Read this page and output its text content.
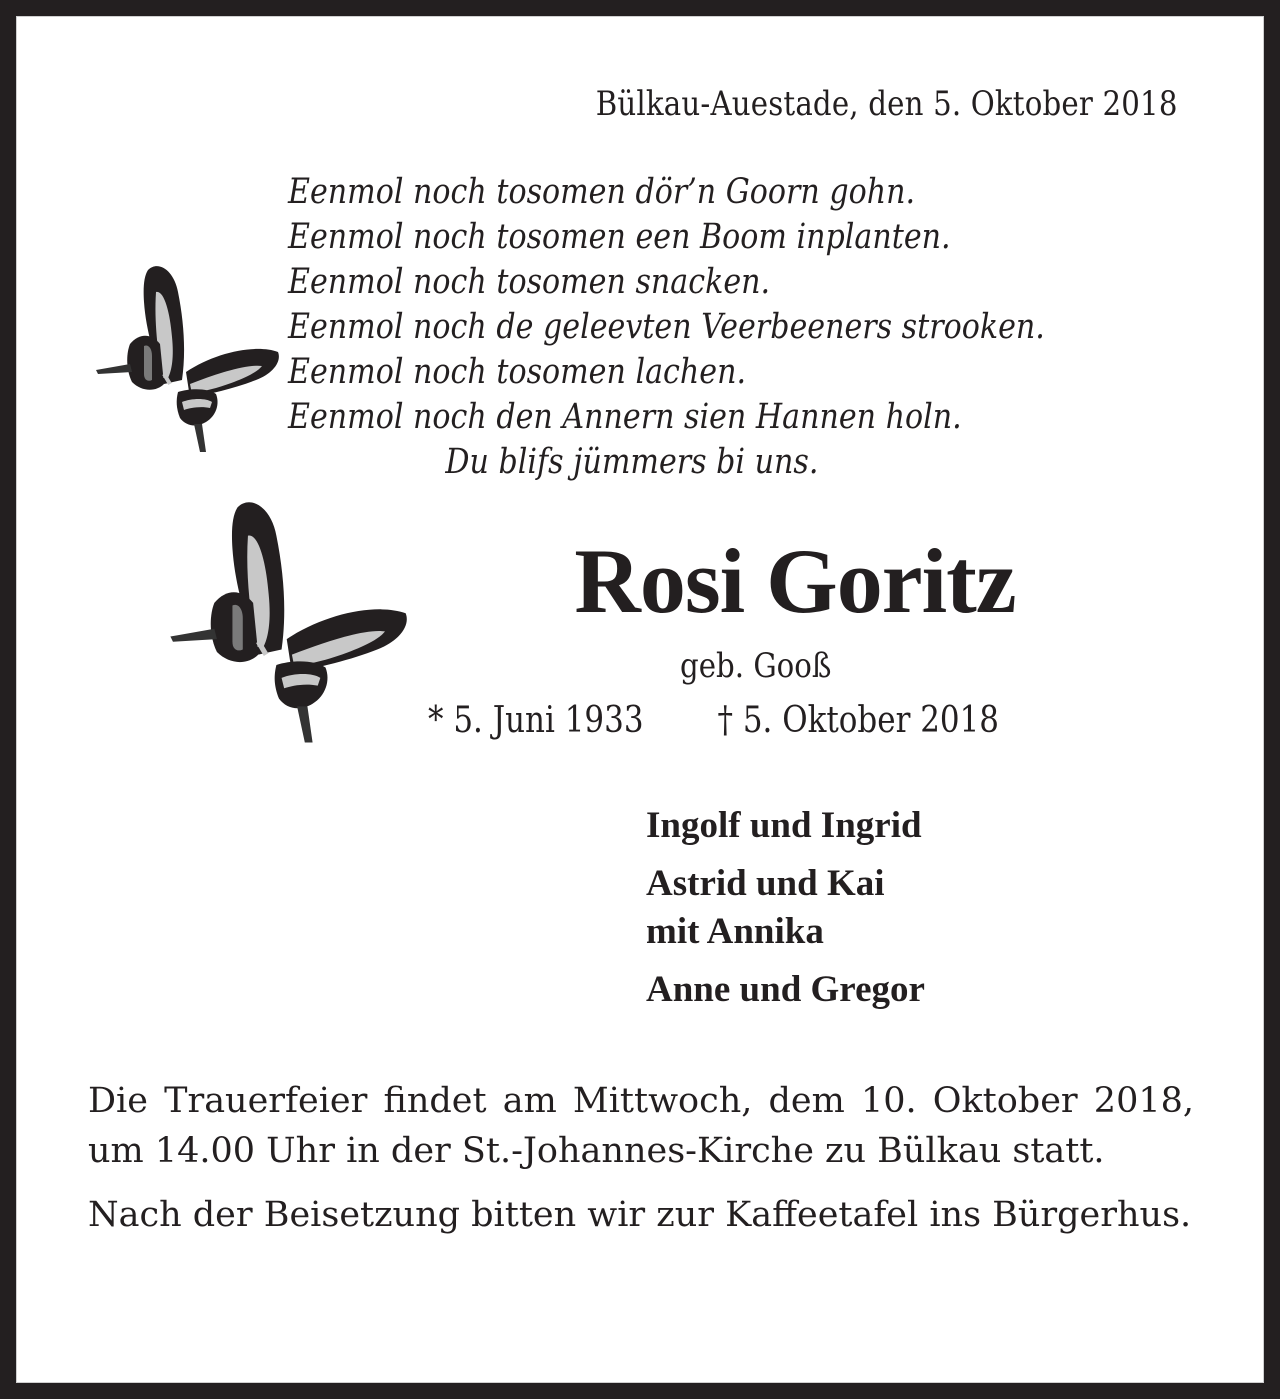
Bülkau-Auestade, den 5. Oktober 2018
Eenmol noch tosomen dör’n Goorn gohn.
Eenmol noch tosomen een Boom inplanten.
Eenmol noch tosomen snacken.
Eenmol noch de geleevten Veerbeeners strooken.
Eenmol noch tosomen lachen.
Eenmol noch den Annern sien Hannen holn.
Du blifs jümmers bi uns.
Rosi Goritz
geb. Gooß
* 5. Juni 1933 † 5. Oktober 2018
Ingolf und Ingrid
Astrid und Kai
mit Annika
Anne und Gregor

Die Trauerfeier findet am Mittwoch, dem 10. Oktober 2018, um 14.00 Uhr in der St.-Johannes-Kirche zu Bülkau statt.

Nach der Beisetzung bitten wir zur Kaffeetafel ins Bürgerhus.
